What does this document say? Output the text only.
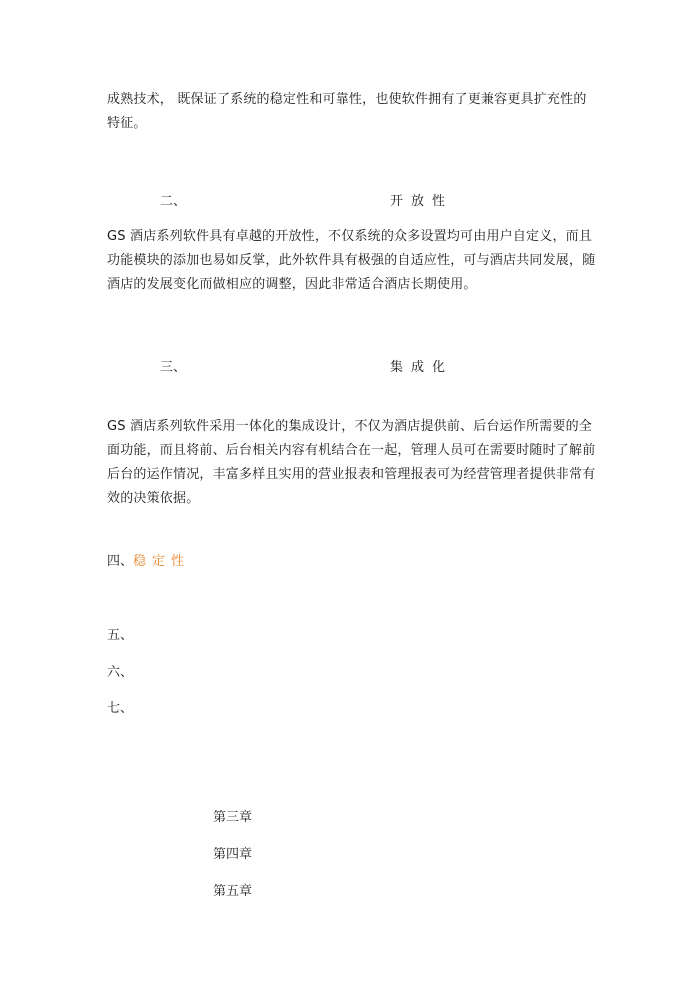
成熟技术， 既保证了系统的稳定性和可靠性，也使软件拥有了更兼容更具扩充性的特征。

二、	开放性

GS 酒店系列软件具有卓越的开放性，不仅系统的众多设置均可由用户自定义，而且功能模块的添加也易如反掌，此外软件具有极强的自适应性，可与酒店共同发展，随酒店的发展变化而做相应的调整，因此非常适合酒店长期使用。

三、	集成化

GS 酒店系列软件采用一体化的集成设计，不仅为酒店提供前、后台运作所需要的全面功能，而且将前、后台相关内容有机结合在一起，管理人员可在需要时随时了解前后台的运作情况，丰富多样且实用的营业报表和管理报表可为经营管理者提供非常有效的决策依据。

四、稳定性
五、
六、
七、
第三章
第四章
第五章
